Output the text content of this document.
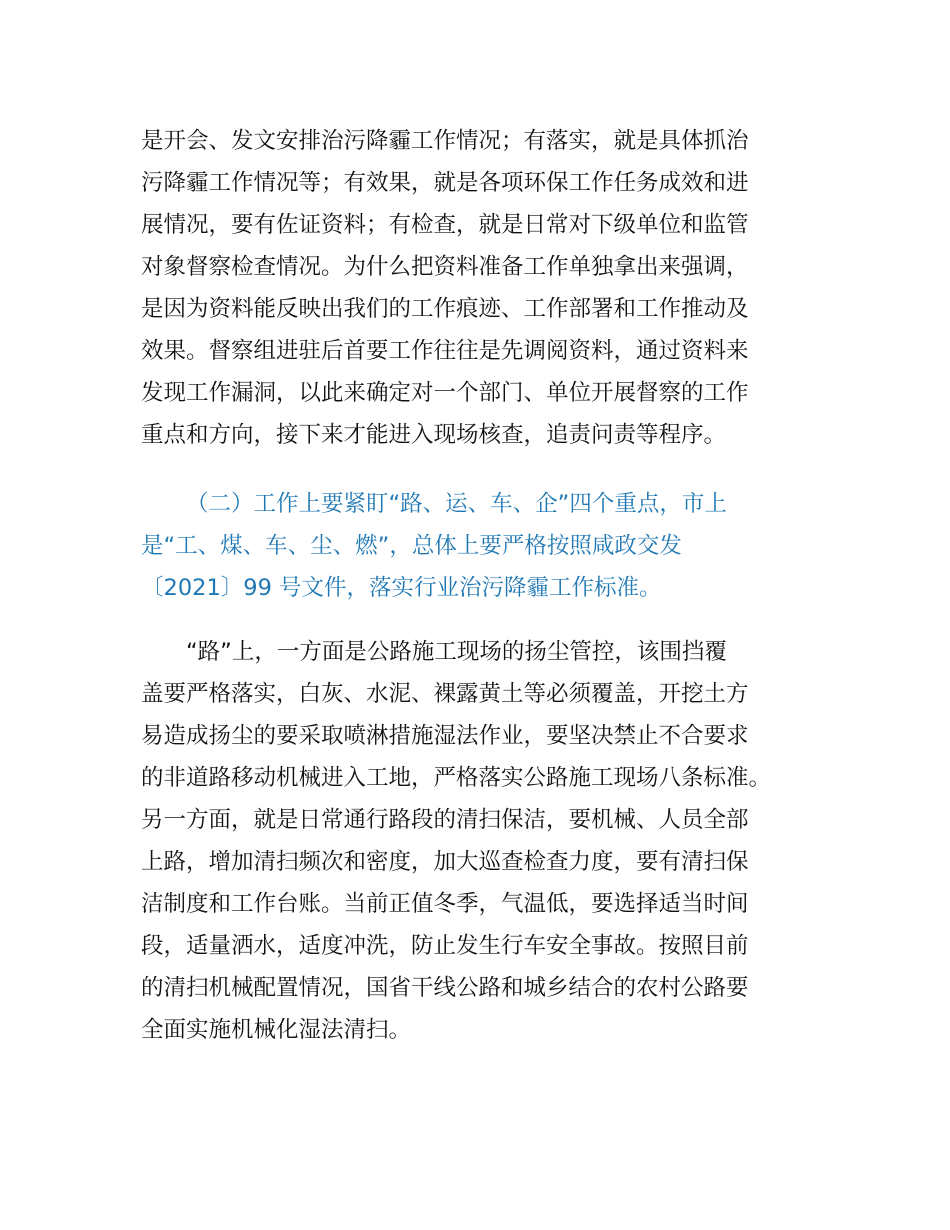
是开会、发文安排治污降霾工作情况；有落实，就是具体抓治
污降霾工作情况等；有效果，就是各项环保工作任务成效和进
展情况，要有佐证资料；有检查，就是日常对下级单位和监管
对象督察检查情况。为什么把资料准备工作单独拿出来强调，
是因为资料能反映出我们的工作痕迹、工作部署和工作推动及
效果。督察组进驻后首要工作往往是先调阅资料，通过资料来
发现工作漏洞，以此来确定对一个部门、单位开展督察的工作
重点和方向，接下来才能进入现场核查，追责问责等程序。
（二）工作上要紧盯“路、运、车、企”四个重点，市上
是“工、煤、车、尘、燃”，总体上要严格按照咸政交发
〔2021〕99 号文件，落实行业治污降霾工作标准。
“路”上，一方面是公路施工现场的扬尘管控，该围挡覆
盖要严格落实，白灰、水泥、裸露黄土等必须覆盖，开挖土方
易造成扬尘的要采取喷淋措施湿法作业，要坚决禁止不合要求
的非道路移动机械进入工地，严格落实公路施工现场八条标准。
另一方面，就是日常通行路段的清扫保洁，要机械、人员全部
上路，增加清扫频次和密度，加大巡查检查力度，要有清扫保
洁制度和工作台账。当前正值冬季，气温低，要选择适当时间
段，适量洒水，适度冲洗，防止发生行车安全事故。按照目前
的清扫机械配置情况，国省干线公路和城乡结合的农村公路要
全面实施机械化湿法清扫。
